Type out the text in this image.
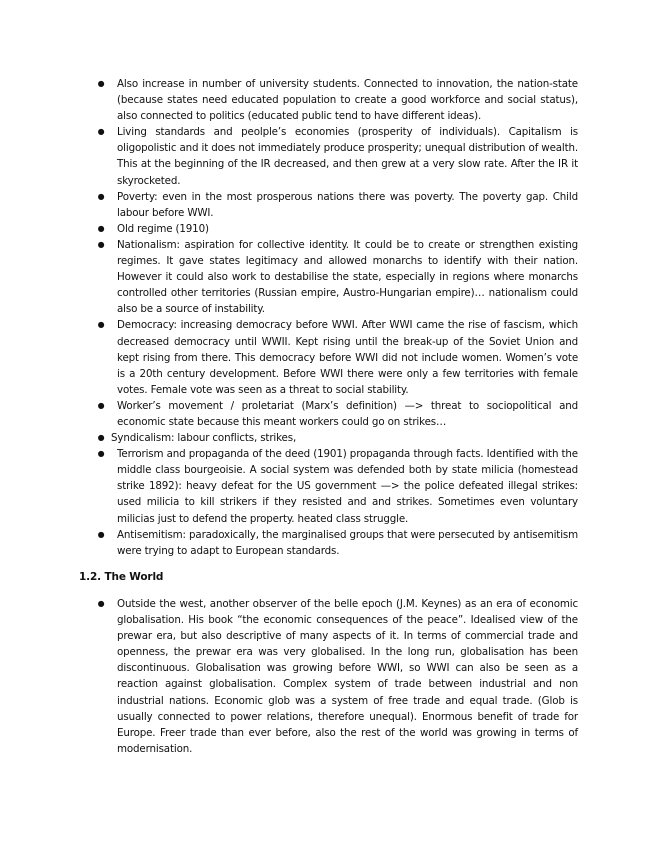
● Also increase in number of university students. Connected to innovation, the nation-state (because states need educated population to create a good workforce and social status), also connected to politics (educated public tend to have different ideas).
● Living standards and peolple’s economies (prosperity of individuals). Capitalism is oligopolistic and it does not immediately produce prosperity; unequal distribution of wealth. This at the beginning of the IR decreased, and then grew at a very slow rate. After the IR it skyrocketed.
● Poverty: even in the most prosperous nations there was poverty. The poverty gap. Child labour before WWI.
● Old regime (1910)
● Nationalism: aspiration for collective identity. It could be to create or strengthen existing regimes. It gave states legitimacy and allowed monarchs to identify with their nation. However it could also work to destabilise the state, especially in regions where monarchs controlled other territories (Russian empire, Austro-Hungarian empire)… nationalism could also be a source of instability.
● Democracy: increasing democracy before WWI. After WWI came the rise of fascism, which decreased democracy until WWII. Kept rising until the break-up of the Soviet Union and kept rising from there. This democracy before WWI did not include women. Women’s vote is a 20th century development. Before WWI there were only a few territories with female votes. Female vote was seen as a threat to social stability.
● Worker’s movement / proletariat (Marx’s definition) —> threat to sociopolitical and economic state because this meant workers could go on strikes…
● Syndicalism: labour conflicts, strikes,
● Terrorism and propaganda of the deed (1901) propaganda through facts. Identified with the middle class bourgeoisie. A social system was defended both by state milicia (homestead strike 1892): heavy defeat for the US government —> the police defeated illegal strikes: used milicia to kill strikers if they resisted and and strikes. Sometimes even voluntary milicias just to defend the property. heated class struggle.
● Antisemitism: paradoxically, the marginalised groups that were persecuted by antisemitism were trying to adapt to European standards.
1.2. The World
● Outside the west, another observer of the belle epoch (J.M. Keynes) as an era of economic globalisation. His book “the economic consequences of the peace”. Idealised view of the prewar era, but also descriptive of many aspects of it. In terms of commercial trade and openness, the prewar era was very globalised. In the long run, globalisation has been discontinuous. Globalisation was growing before WWI, so WWI can also be seen as a reaction against globalisation. Complex system of trade between industrial and non industrial nations. Economic glob was a system of free trade and equal trade. (Glob is usually connected to power relations, therefore unequal). Enormous benefit of trade for Europe. Freer trade than ever before, also the rest of the world was growing in terms of modernisation.
